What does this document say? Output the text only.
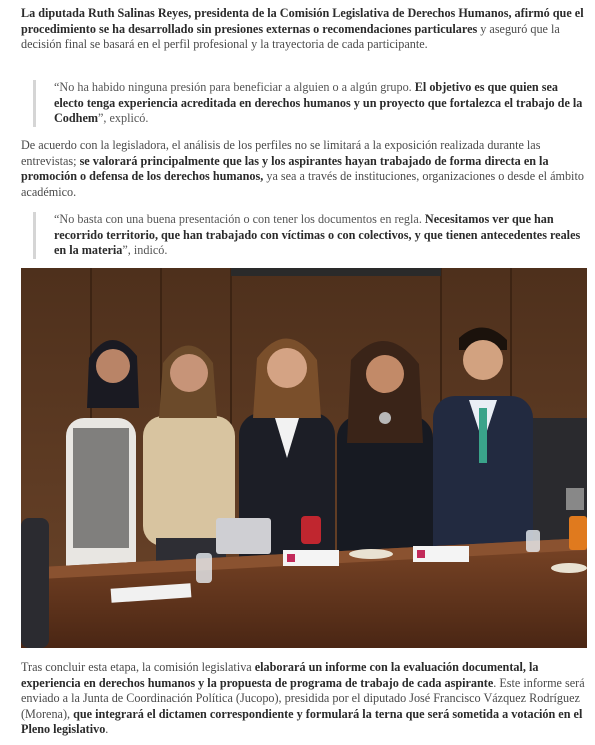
La diputada Ruth Salinas Reyes, presidenta de la Comisión Legislativa de Derechos Humanos, afirmó que el procedimiento se ha desarrollado sin presiones externas o recomendaciones particulares y aseguró que la decisión final se basará en el perfil profesional y la trayectoria de cada participante.

“No ha habido ninguna presión para beneficiar a alguien o a algún grupo. El objetivo es que quien sea electo tenga experiencia acreditada en derechos humanos y un proyecto que fortalezca el trabajo de la Codhem”, explicó.

De acuerdo con la legisladora, el análisis de los perfiles no se limitará a la exposición realizada durante las entrevistas; se valorará principalmente que las y los aspirantes hayan trabajado de forma directa en la promoción o defensa de los derechos humanos, ya sea a través de instituciones, organizaciones o desde el ámbito académico.

“No basta con una buena presentación o con tener los documentos en regla. Necesitamos ver que han recorrido territorio, que han trabajado con víctimas o con colectivos, y que tienen antecedentes reales en la materia”, indicó.

Tras concluir esta etapa, la comisión legislativa elaborará un informe con la evaluación documental, la experiencia en derechos humanos y la propuesta de programa de trabajo de cada aspirante. Este informe será enviado a la Junta de Coordinación Política (Jucopo), presidida por el diputado José Francisco Vázquez Rodríguez (Morena), que integrará el dictamen correspondiente y formulará la terna que será sometida a votación en el Pleno legislativo.
